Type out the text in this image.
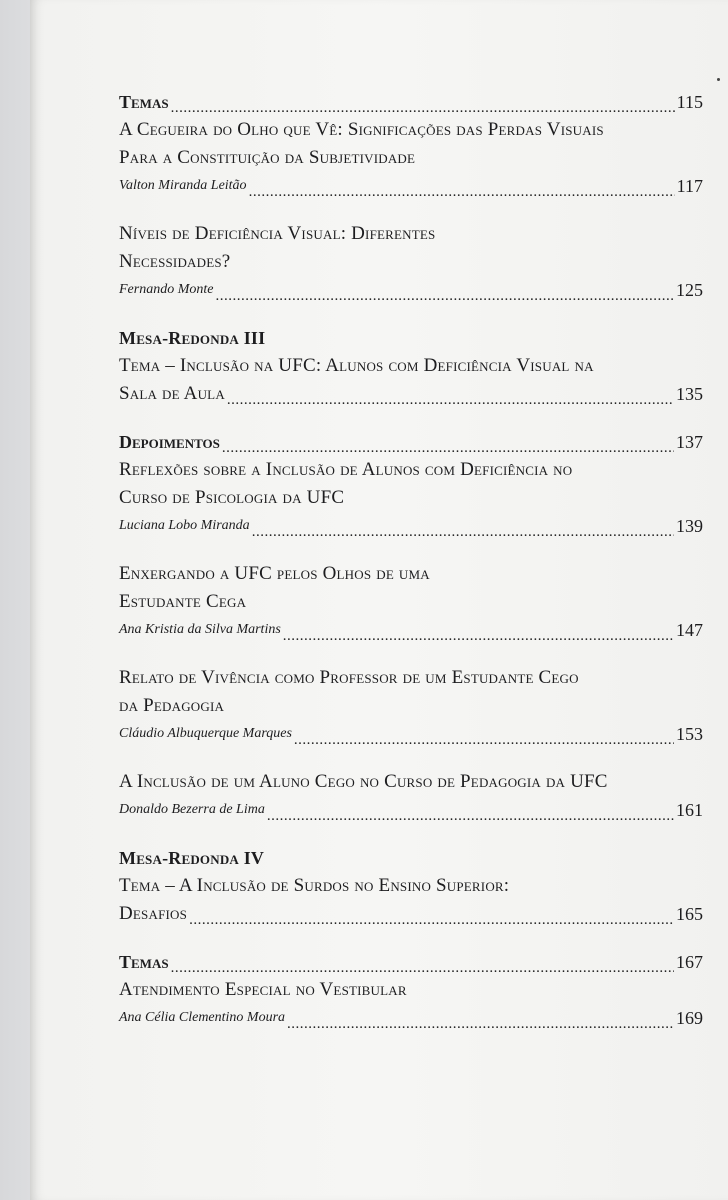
Temas .....	115
A Cegueira do Olho que Vê: Significações das Perdas Visuais
Para a Constituição da Subjetividade
Valton Miranda Leitão .....	117
Níveis de Deficiência Visual: Diferentes
Necessidades?
Fernando Monte .....	125
Mesa-Redonda III
Tema – Inclusão na UFC: Alunos com Deficiência Visual na
Sala de Aula .....	135
Depoimentos .....	137
Reflexões sobre a Inclusão de Alunos com Deficiência no
Curso de Psicologia da UFC
Luciana Lobo Miranda .....	139
Enxergando a UFC pelos Olhos de uma
Estudante Cega
Ana Kristia da Silva Martins .....	147
Relato de Vivência como Professor de um Estudante Cego
da Pedagogia
Cláudio Albuquerque Marques .....	153
A Inclusão de um Aluno Cego no Curso de Pedagogia da UFC
Donaldo Bezerra de Lima .....	161
Mesa-Redonda IV
Tema – A Inclusão de Surdos no Ensino Superior:
Desafios .....	165
Temas .....	167
Atendimento Especial no Vestibular
Ana Célia Clementino Moura .....	169
